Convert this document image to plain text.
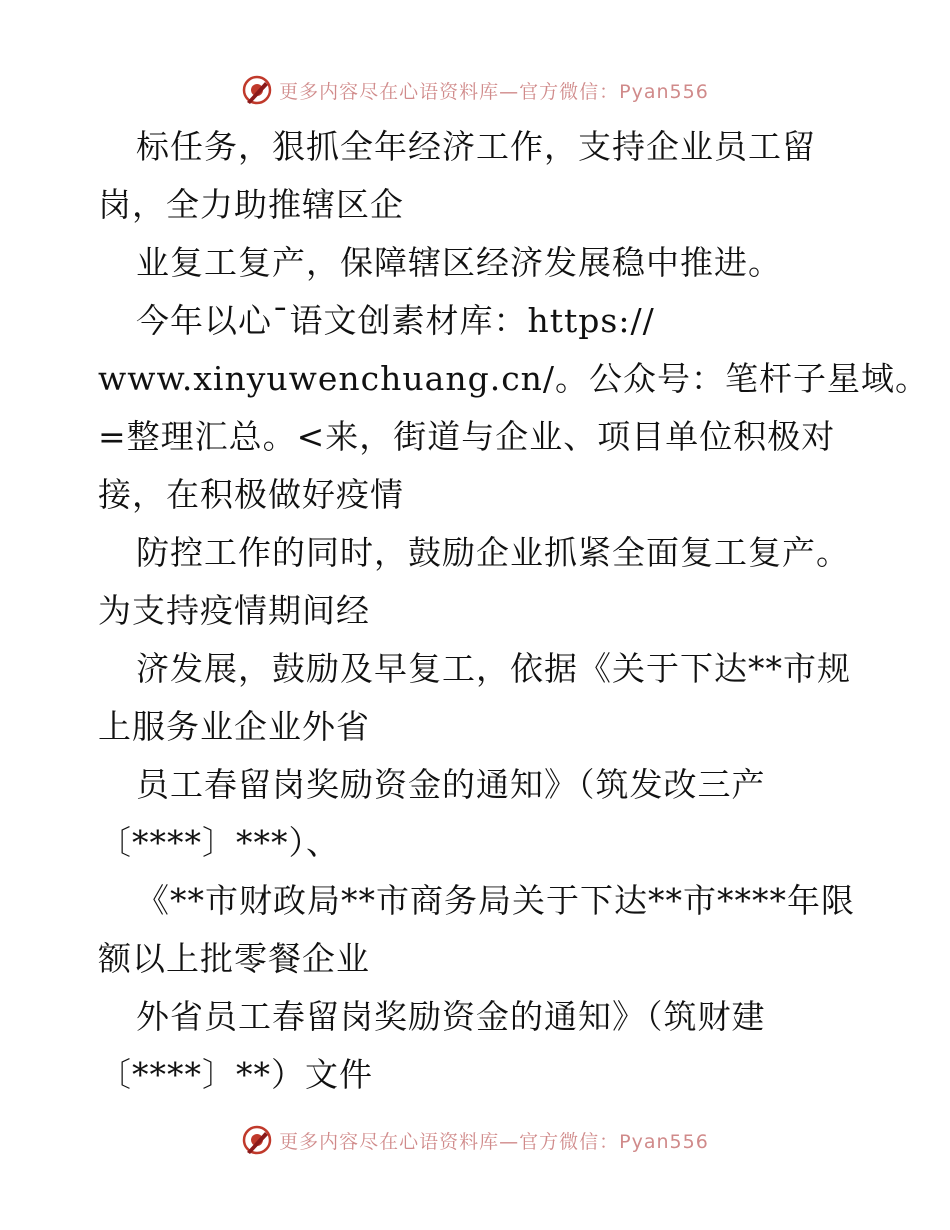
更多内容尽在心语资料库—官方微信：Pyan556
标任务，狠抓全年经济工作，支持企业员工留
岗，全力助推辖区企
业复工复产，保障辖区经济发展稳中推进。
今年以心¯语文创素材库：https://
www.xinyuwenchuang.cn/。公众号：笔杆子星域。
=整理汇总。<来，街道与企业、项目单位积极对
接，在积极做好疫情
防控工作的同时，鼓励企业抓紧全面复工复产。
为支持疫情期间经
济发展，鼓励及早复工，依据《关于下达**市规
上服务业企业外省
员工春留岗奖励资金的通知》（筑发改三产
〔****〕***）、
《**市财政局**市商务局关于下达**市****年限
额以上批零餐企业
外省员工春留岗奖励资金的通知》（筑财建
〔****〕**）文件
更多内容尽在心语资料库—官方微信：Pyan556
